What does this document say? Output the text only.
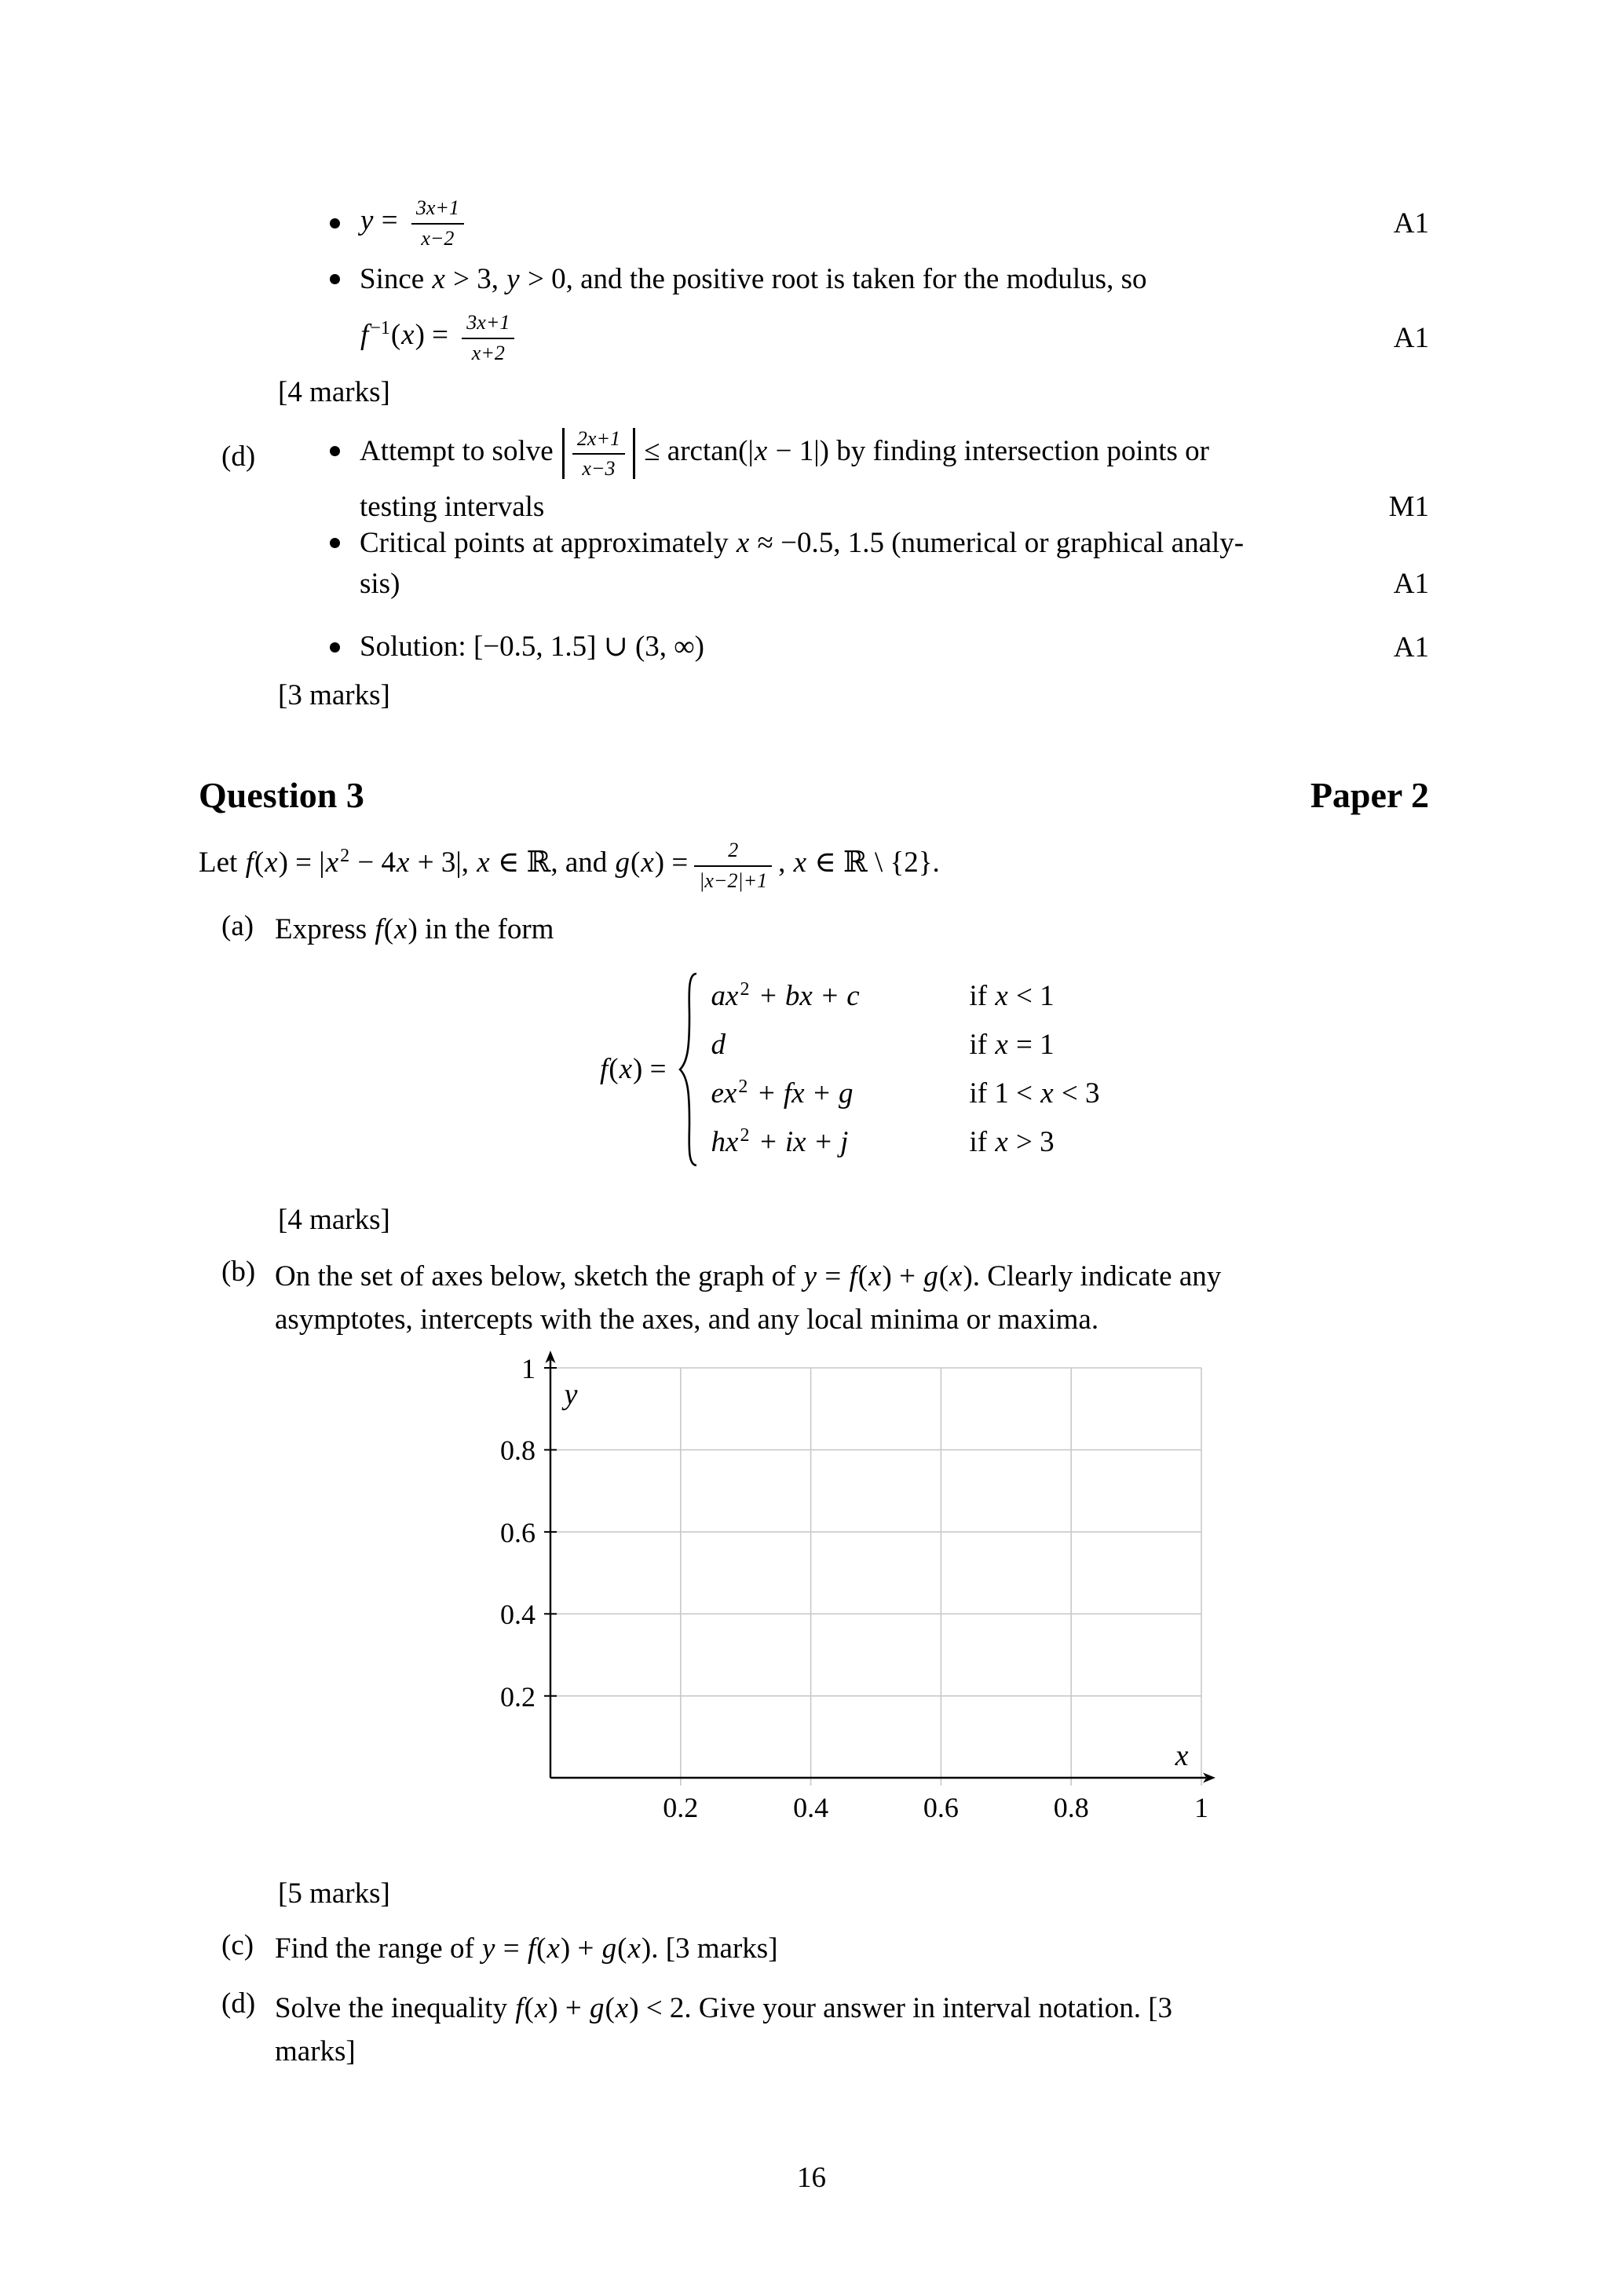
$y = \frac{3x+1}{x-2}$	A1
Since x > 3, y > 0, and the positive root is taken for the modulus, so
$f^{-1}(x) = \frac{3x+1}{x+2}$	A1
[4 marks]
(d)	Attempt to solve $\frac{2x+1}{x-3} \le \arctan(|x - 1|)$ by finding intersection points or
testing intervals	M1
Critical points at approximately x ≈ −0.5, 1.5 (numerical or graphical analy-
sis)	A1
Solution: [−0.5, 1.5] ∪ (3, ∞)	A1
[3 marks]
Question 3	Paper 2
Let $f(x) = |x^2 - 4x + 3|$, x ∈ ℝ, and $g(x) = \frac{2}{|x-2|+1}$ , x ∈ ℝ \ {2}.
(a) Express f(x) in the form
f(x) =
$ax^2$ + bx + c	if x < 1
d	if x = 1
$ex^2$ + fx + g	if 1 < x < 3
$hx^2$ + ix + j	if x > 3
[4 marks]
(b) On the set of axes below, sketch the graph of y = f(x) + g(x). Clearly indicate any
asymptotes, intercepts with the axes, and any local minima or maxima.
y
x
1
0.8
0.6
0.4
0.2
0.2	0.4	0.6	0.8	1
[5 marks]
(c) Find the range of y = f(x) + g(x). [3 marks]
(d) Solve the inequality f(x) + g(x) < 2. Give your answer in interval notation. [3
marks]
16
